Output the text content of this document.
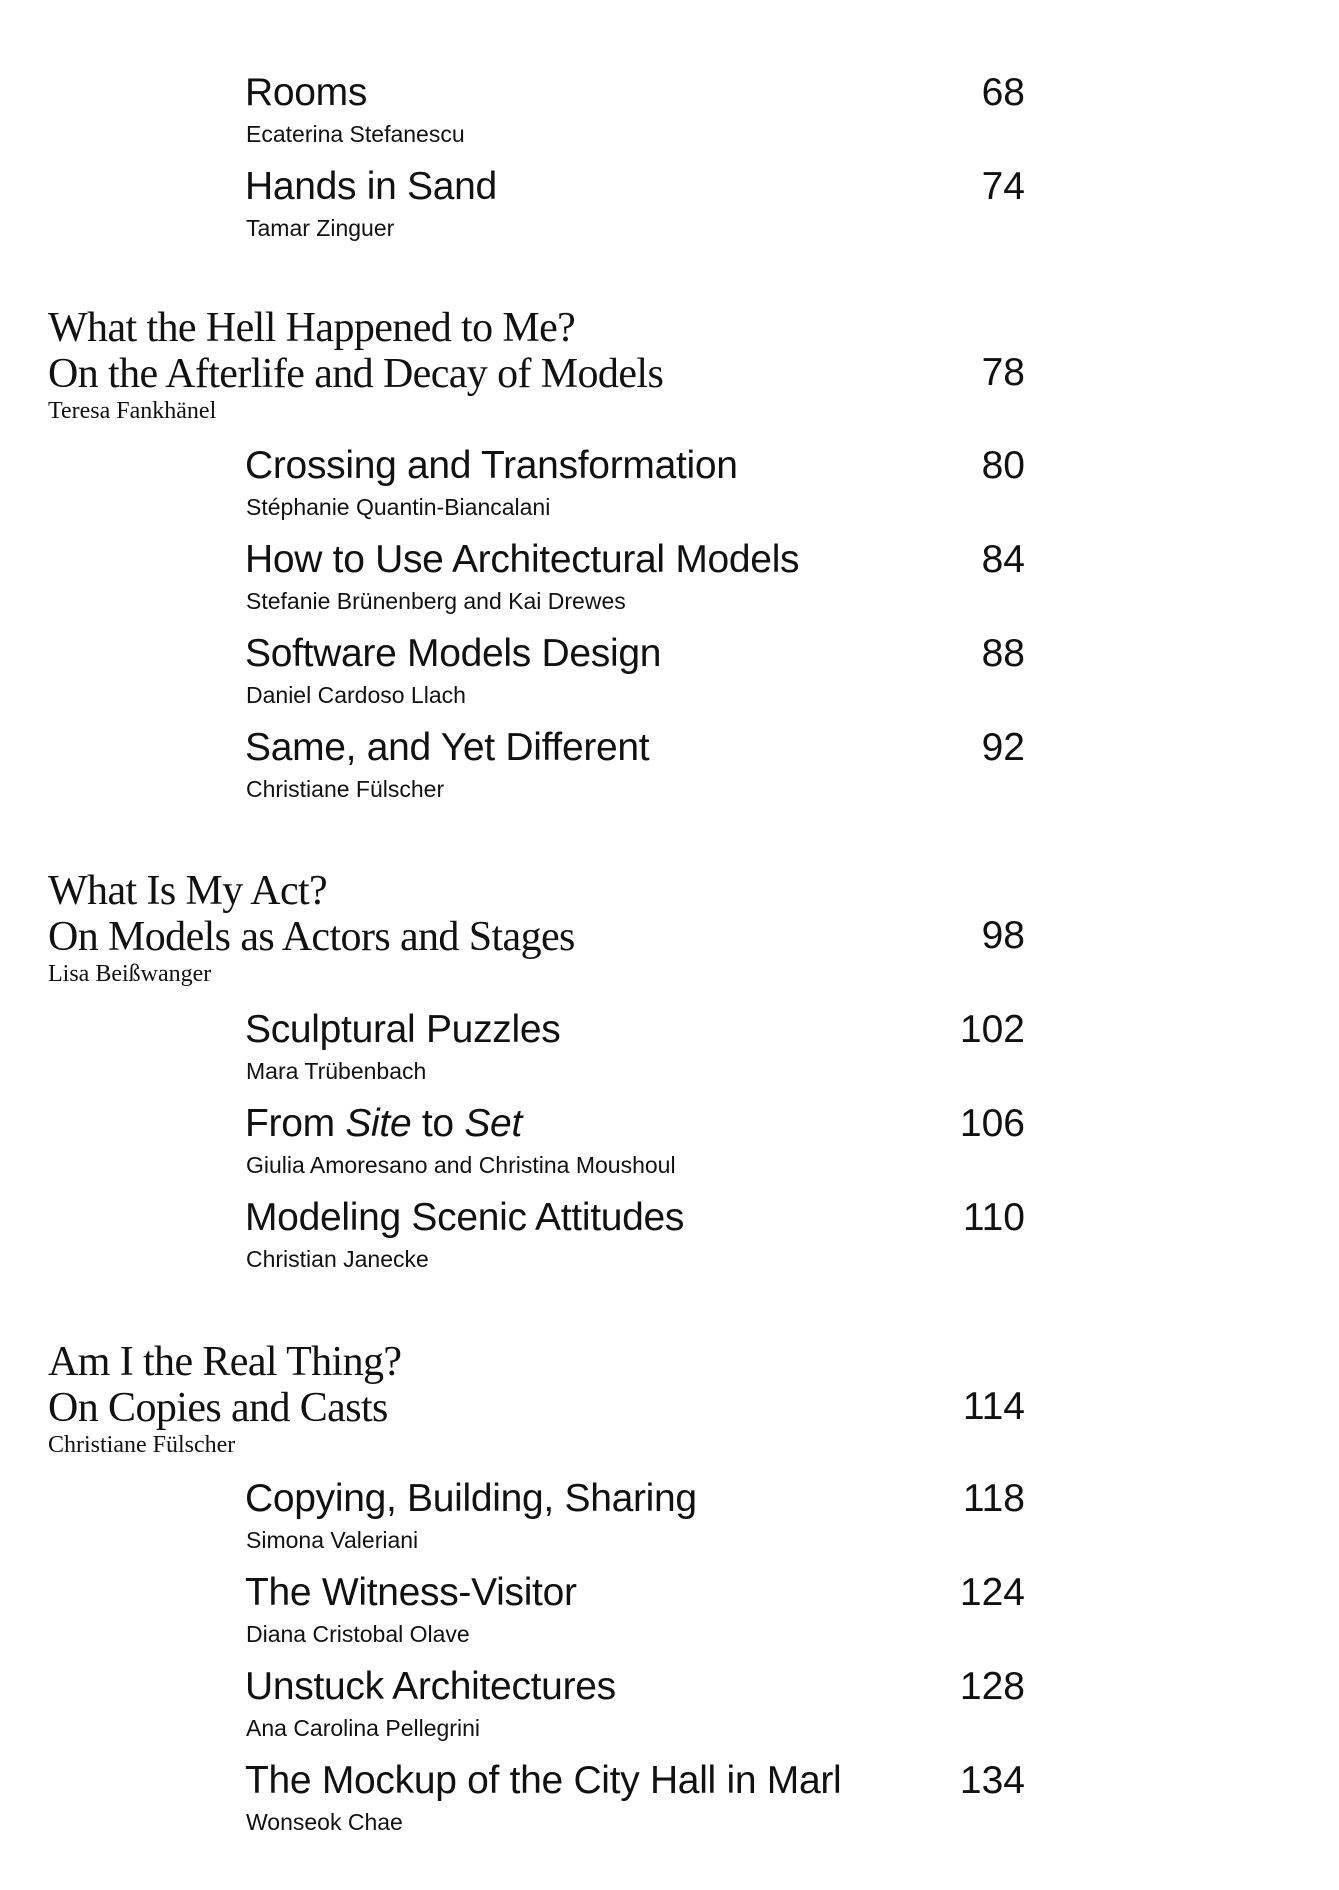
Rooms
Ecaterina Stefanescu
68
Hands in Sand
Tamar Zinguer
74
What the Hell Happened to Me?
On the Afterlife and Decay of Models
Teresa Fankhänel
78
Crossing and Transformation
Stéphanie Quantin-Biancalani
80
How to Use Architectural Models
Stefanie Brünenberg and Kai Drewes
84
Software Models Design
Daniel Cardoso Llach
88
Same, and Yet Different
Christiane Fülscher
92
What Is My Act?
On Models as Actors and Stages
Lisa Beißwanger
98
Sculptural Puzzles
Mara Trübenbach
102
From Site to Set
Giulia Amoresano and Christina Moushoul
106
Modeling Scenic Attitudes
Christian Janecke
110
Am I the Real Thing?
On Copies and Casts
Christiane Fülscher
114
Copying, Building, Sharing
Simona Valeriani
118
The Witness-Visitor
Diana Cristobal Olave
124
Unstuck Architectures
Ana Carolina Pellegrini
128
The Mockup of the City Hall in Marl
Wonseok Chae
134
